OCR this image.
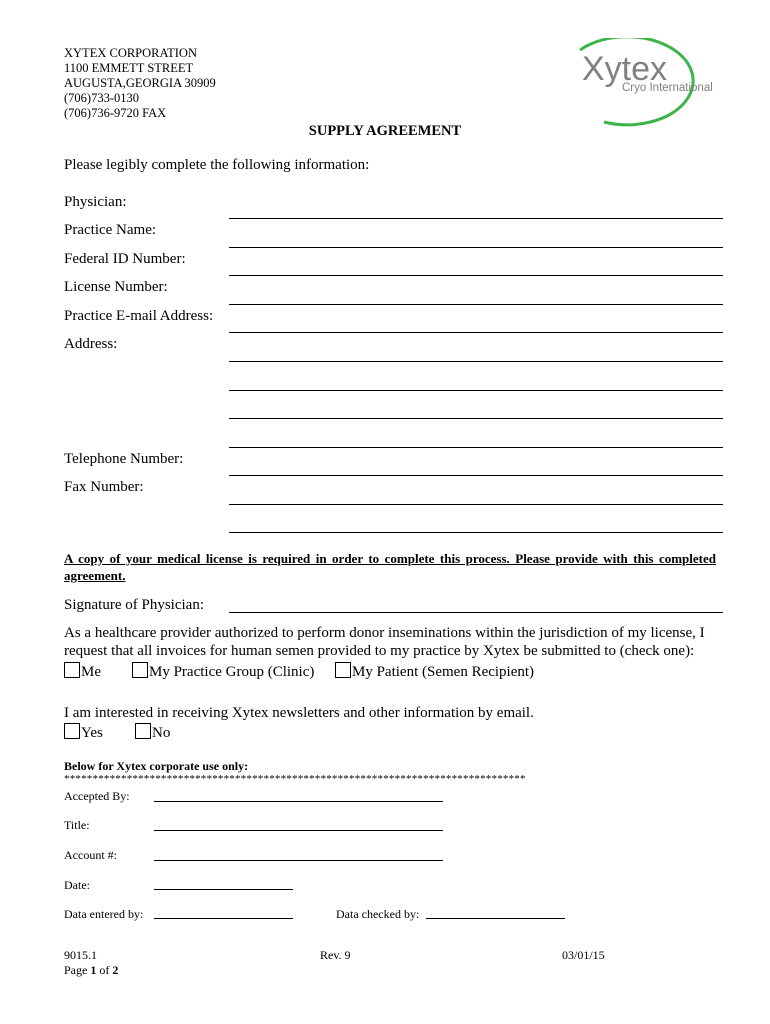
XYTEX CORPORATION
1100 EMMETT STREET
AUGUSTA,GEORGIA 30909
(706)733-0130
(706)736-9720 FAX
Xytex
Cryo International
SUPPLY AGREEMENT
Please legibly complete the following information:
Physician:
Practice Name:
Federal ID Number:
License Number:
Practice E-mail Address:
Address:
Telephone Number:
Fax Number:
A copy of your medical license is required in order to complete this process. Please provide with this completed agreement.
Signature of Physician:
As a healthcare provider authorized to perform donor inseminations within the jurisdiction of my license, I request that all invoices for human semen provided to my practice by Xytex be submitted to (check one):
Me	My Practice Group (Clinic)	My Patient (Semen Recipient)
I am interested in receiving Xytex newsletters and other information by email.
Yes	No
Below for Xytex corporate use only:
*********************************************************************************
Accepted By:
Title:
Account #:
Date:
Data entered by:	Data checked by:
9015.1	Rev. 9	03/01/15
Page 1 of 2
